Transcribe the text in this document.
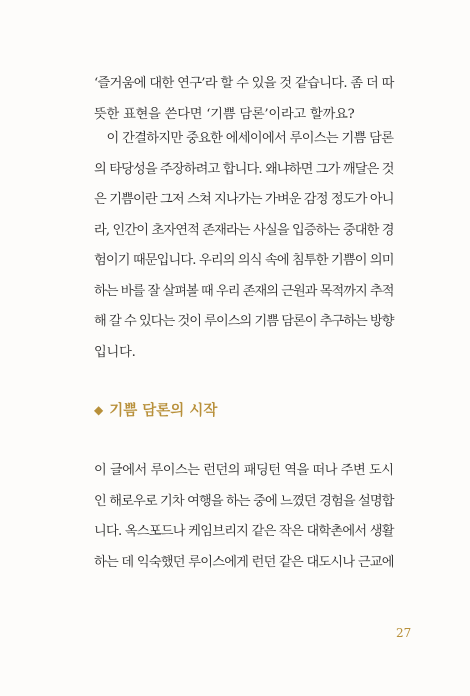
‘즐거움에 대한 연구’라 할 수 있을 것 같습니다. 좀 더 따
뜻한 표현을 쓴다면 ‘기쁨 담론’이라고 할까요?
　이 간결하지만 중요한 에세이에서 루이스는 기쁨 담론
의 타당성을 주장하려고 합니다. 왜냐하면 그가 깨달은 것
은 기쁨이란 그저 스쳐 지나가는 가벼운 감정 정도가 아니
라, 인간이 초자연적 존재라는 사실을 입증하는 중대한 경
험이기 때문입니다. 우리의 의식 속에 침투한 기쁨이 의미
하는 바를 잘 살펴볼 때 우리 존재의 근원과 목적까지 추적
해 갈 수 있다는 것이 루이스의 기쁨 담론이 추구하는 방향
입니다.
◆ 기쁨 담론의 시작
이 글에서 루이스는 런던의 패딩턴 역을 떠나 주변 도시
인 해로우로 기차 여행을 하는 중에 느꼈던 경험을 설명합
니다. 옥스포드나 케임브리지 같은 작은 대학촌에서 생활
하는 데 익숙했던 루이스에게 런던 같은 대도시나 근교에
27
